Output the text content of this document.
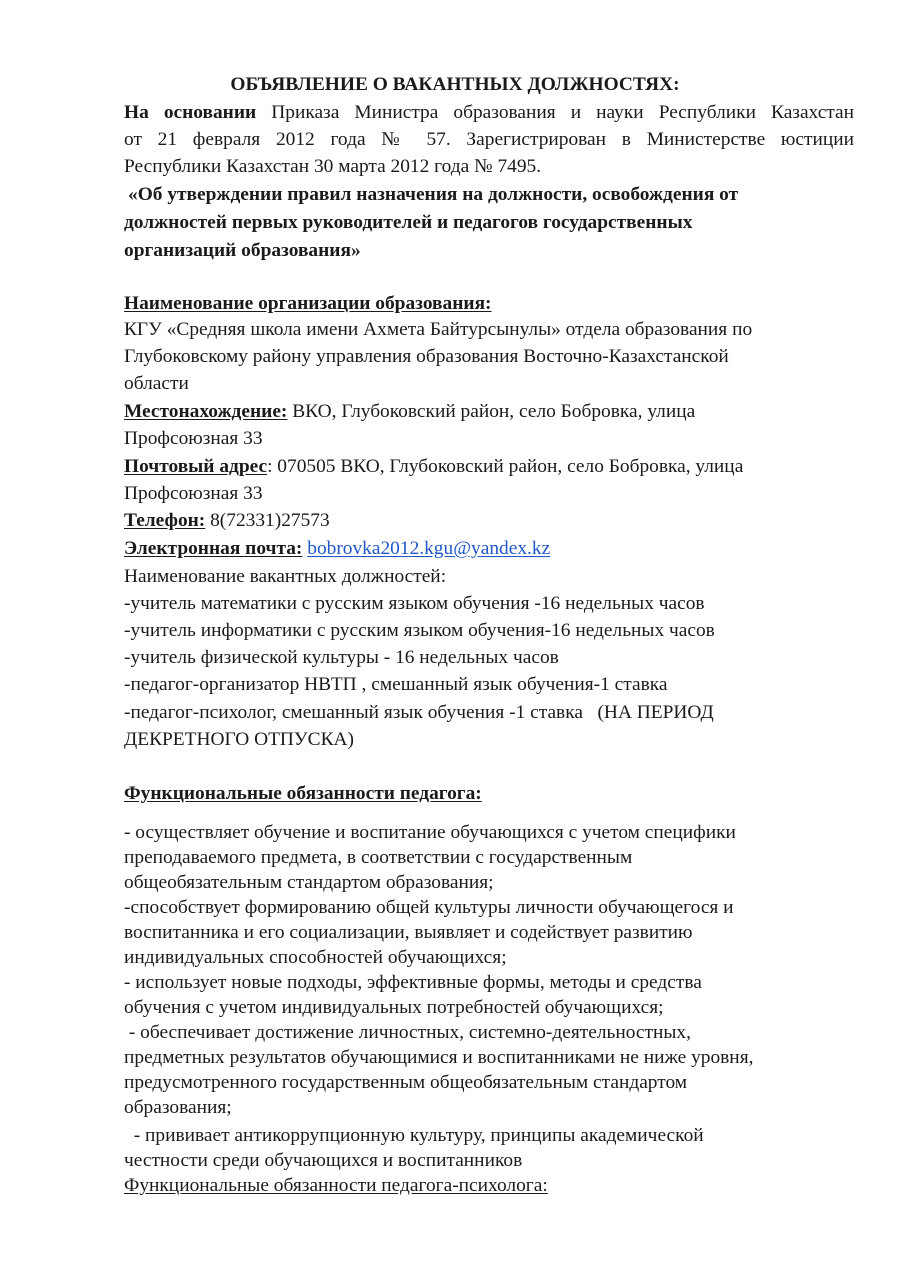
ОБЪЯВЛЕНИЕ О ВАКАНТНЫХ ДОЛЖНОСТЯХ:
На основании Приказа Министра образования и науки Республики Казахстан
от 21 февраля 2012 года № 57. Зарегистрирован в Министерстве юстиции
Республики Казахстан 30 марта 2012 года № 7495.
«Об утверждении правил назначения на должности, освобождения от
должностей первых руководителей и педагогов государственных
организаций образования»
Наименование организации образования:
КГУ «Средняя школа имени Ахмета Байтурсынулы» отдела образования по
Глубоковскому району управления образования Восточно-Казахстанской
области
Местонахождение: ВКО, Глубоковский район, село Бобровка, улица
Профсоюзная 33
Почтовый адрес: 070505 ВКО, Глубоковский район, село Бобровка, улица
Профсоюзная 33
Телефон: 8(72331)27573
Электронная почта: bobrovka2012.kgu@yandex.kz
Наименование вакантных должностей:
-учитель математики с русским языком обучения -16 недельных часов
-учитель информатики с русским языком обучения-16 недельных часов
-учитель физической культуры - 16 недельных часов
-педагог-организатор НВТП , смешанный язык обучения-1 ставка
-педагог-психолог, смешанный язык обучения -1 ставка   (НА ПЕРИОД
ДЕКРЕТНОГО ОТПУСКА)
Функциональные обязанности педагога:
- осуществляет обучение и воспитание обучающихся с учетом специфики
преподаваемого предмета, в соответствии с государственным
общеобязательным стандартом образования;
-способствует формированию общей культуры личности обучающегося и
воспитанника и его социализации, выявляет и содействует развитию
индивидуальных способностей обучающихся;
- использует новые подходы, эффективные формы, методы и средства
обучения с учетом индивидуальных потребностей обучающихся;
- обеспечивает достижение личностных, системно-деятельностных,
предметных результатов обучающимися и воспитанниками не ниже уровня,
предусмотренного государственным общеобязательным стандартом
образования;
- прививает антикоррупционную культуру, принципы академической
честности среди обучающихся и воспитанников
Функциональные обязанности педагога-психолога:
